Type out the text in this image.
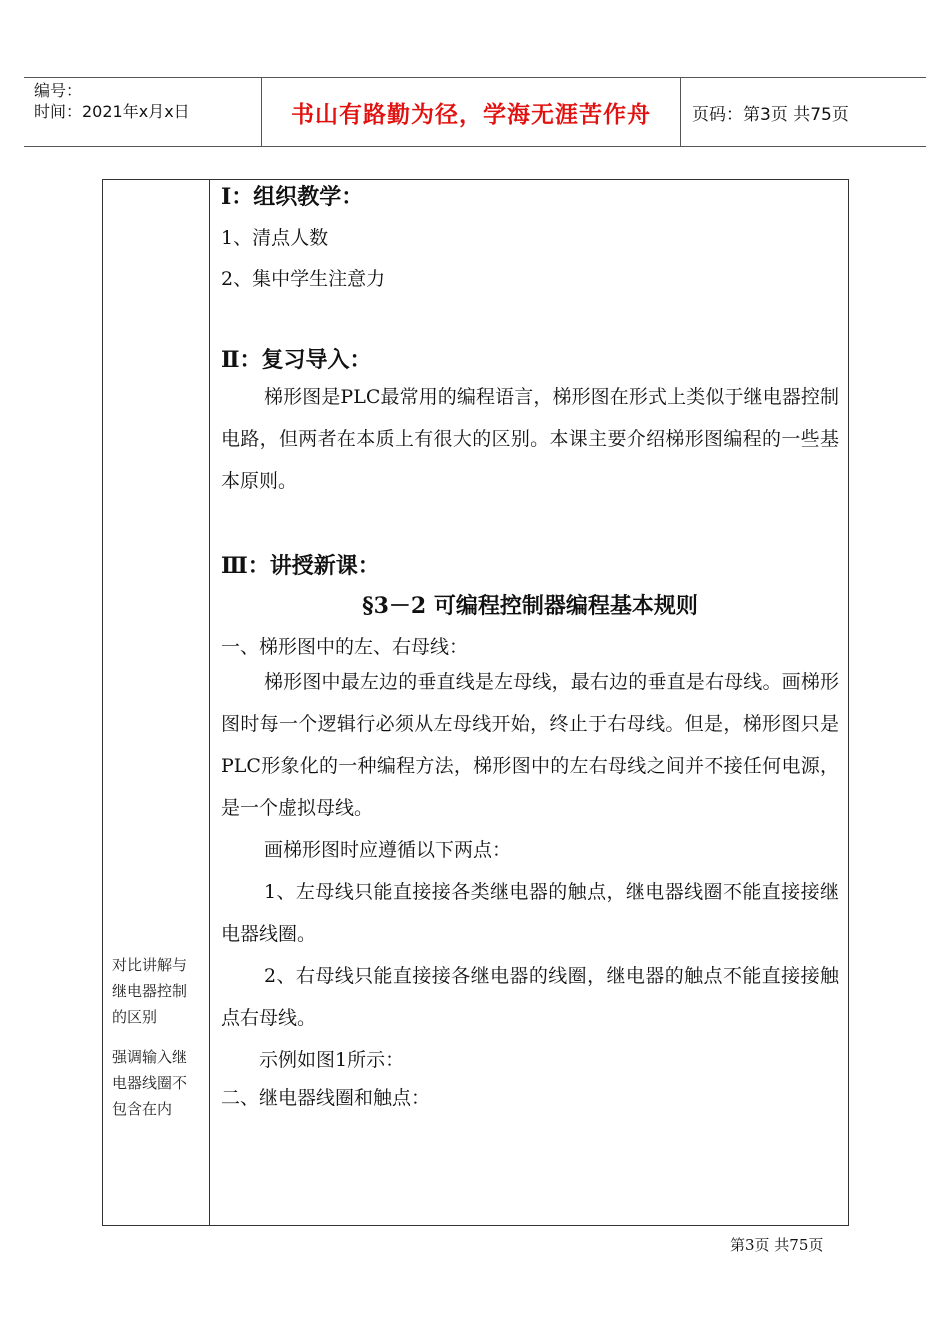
编号：
时间：2021年x月x日	书山有路勤为径，学海无涯苦作舟	页码：第3页 共75页

对比讲解与

继电器控制

的区别

强调输入继

电器线圈不

包含在内

Ⅰ：组织教学：
1、清点人数
2、集中学生注意力
Ⅱ：复习导入：

梯形图是PLC最常用的编程语言，梯形图在形式上类似于继电器控制电路，但两者在本质上有很大的区别。本课主要介绍梯形图编程的一些基本原则。

Ⅲ：讲授新课：
§3－2 可编程控制器编程基本规则
一、梯形图中的左、右母线：

梯形图中最左边的垂直线是左母线，最右边的垂直是右母线。画梯形图时每一个逻辑行必须从左母线开始，终止于右母线。但是，梯形图只是PLC形象化的一种编程方法，梯形图中的左右母线之间并不接任何电源，是一个虚拟母线。

画梯形图时应遵循以下两点：

1、左母线只能直接接各类继电器的触点，继电器线圈不能直接接继电器线圈。

2、右母线只能直接接各继电器的线圈，继电器的触点不能直接接触点右母线。

示例如图1所示：

二、继电器线圈和触点：
第3页 共75页
